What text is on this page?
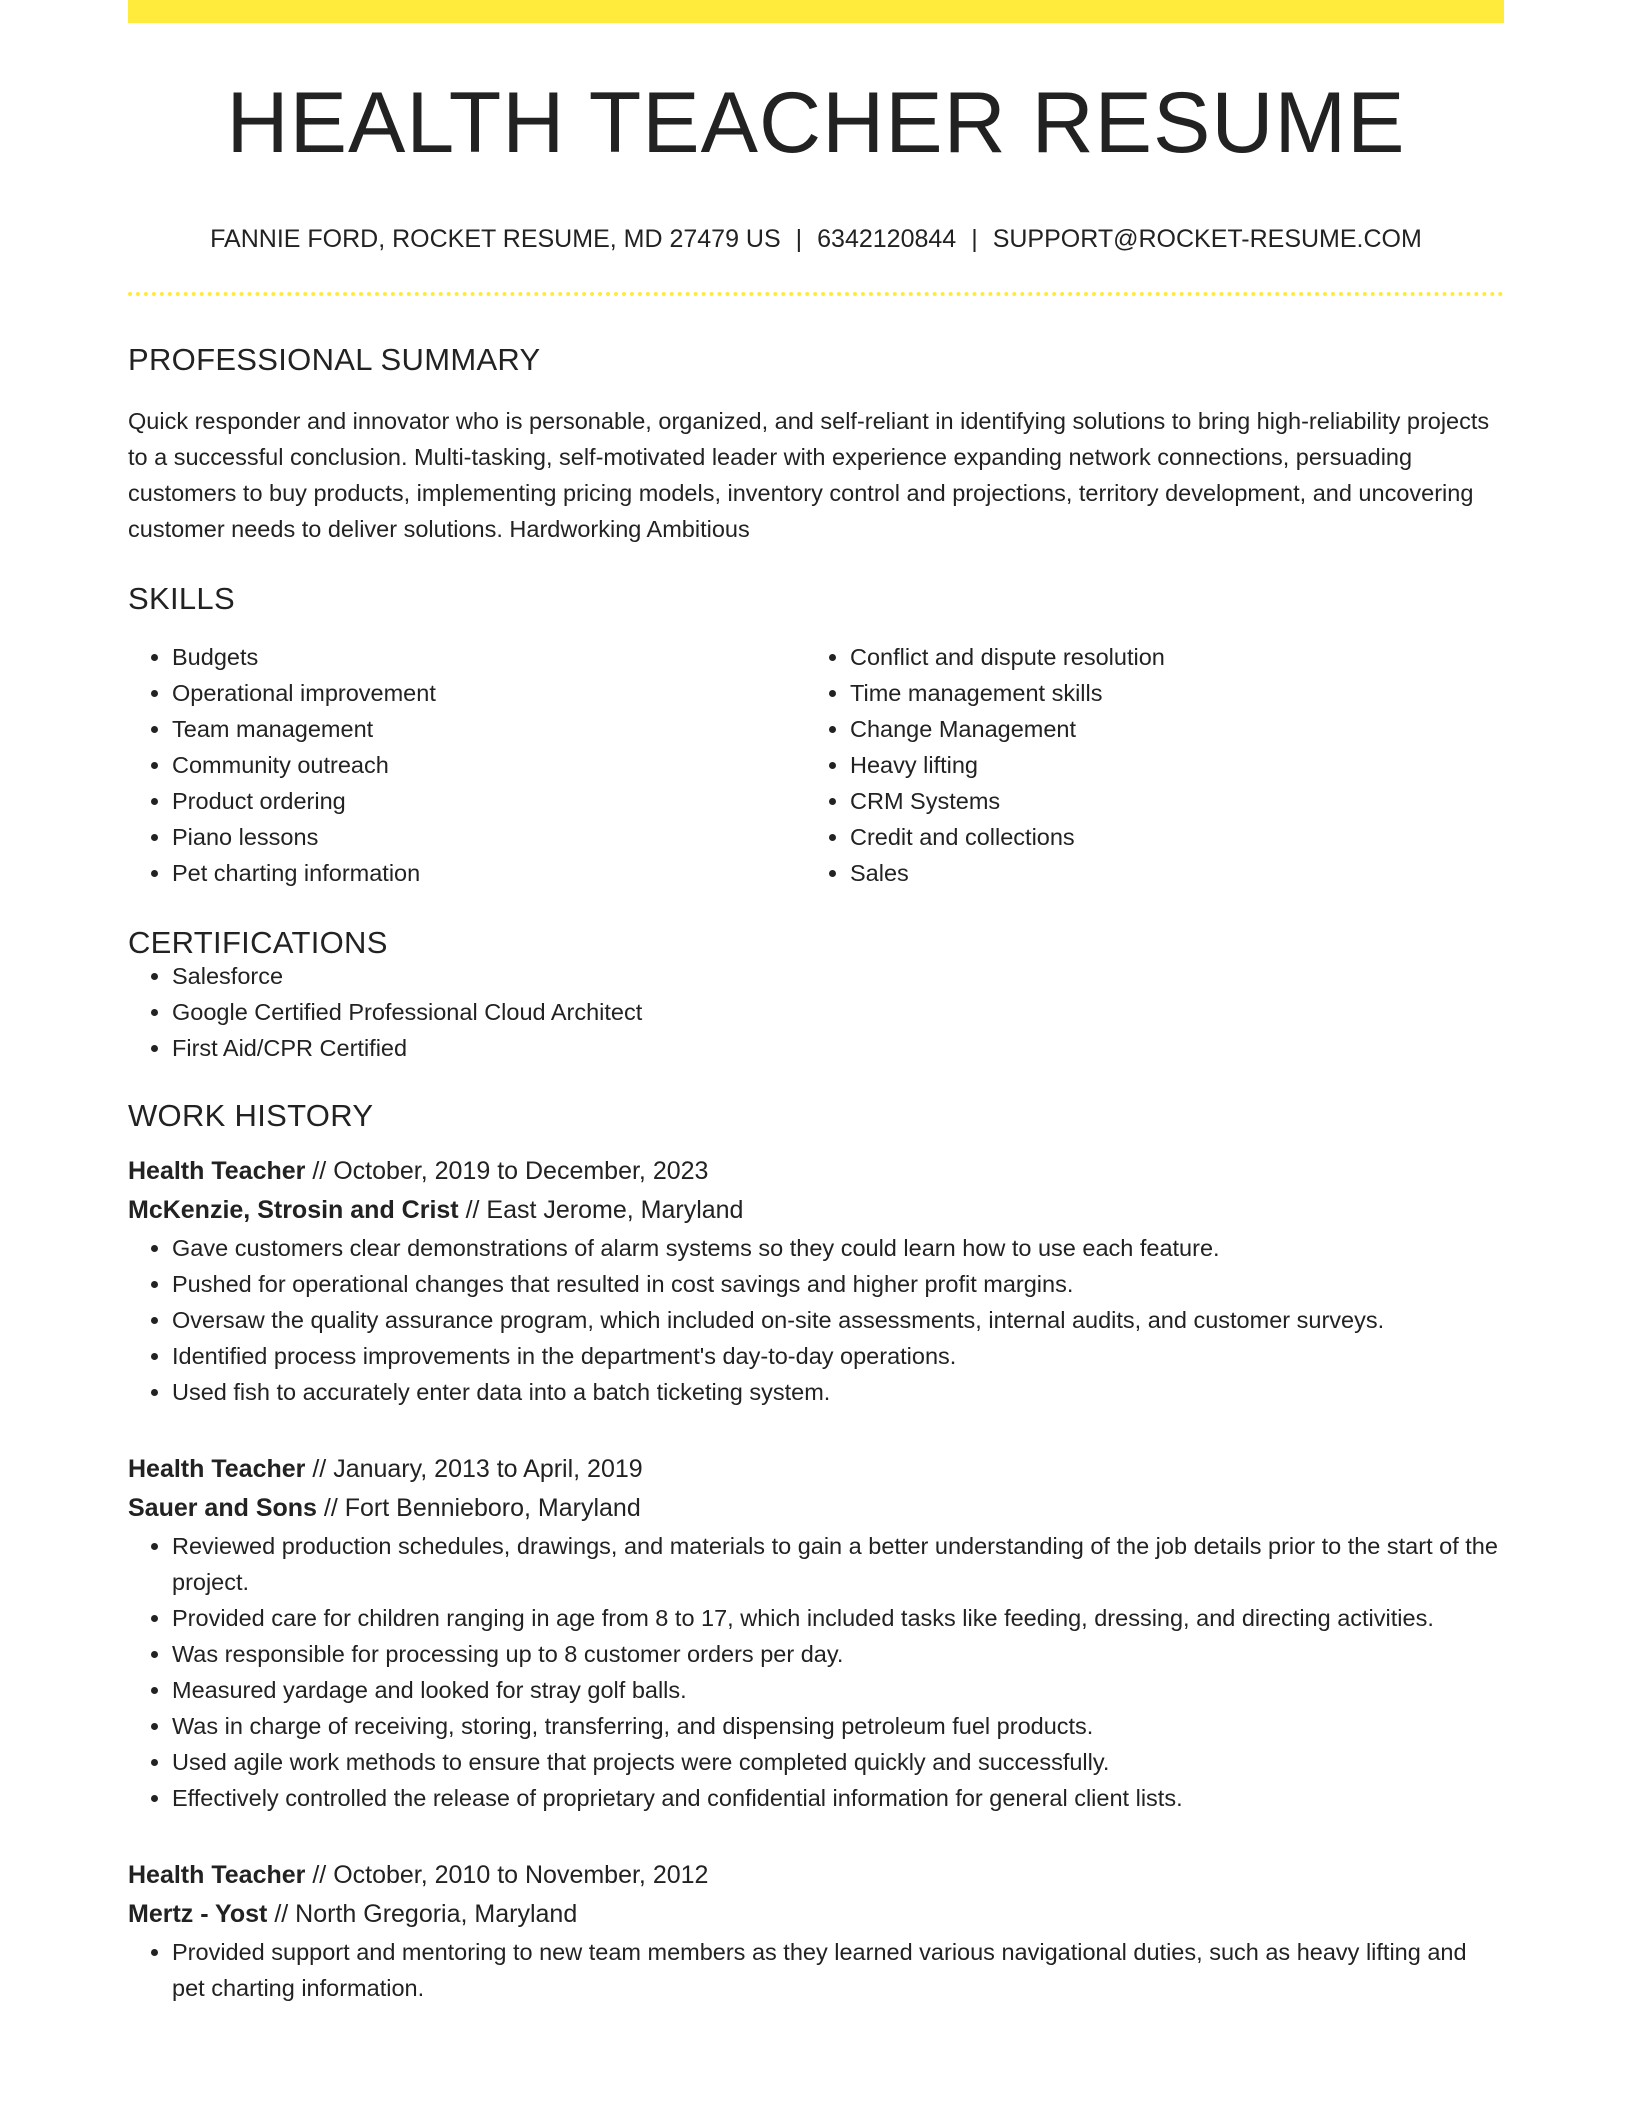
HEALTH TEACHER RESUME
FANNIE FORD, ROCKET RESUME, MD 27479 US | 6342120844 | SUPPORT@ROCKET-RESUME.COM
PROFESSIONAL SUMMARY

Quick responder and innovator who is personable, organized, and self-reliant in identifying solutions to bring high-reliability projects to a successful conclusion. Multi-tasking, self-motivated leader with experience expanding network connections, persuading customers to buy products, implementing pricing models, inventory control and projections, territory development, and uncovering customer needs to deliver solutions. Hardworking Ambitious

SKILLS
• Budgets
• Operational improvement
• Team management
• Community outreach
• Product ordering
• Piano lessons
• Pet charting information
• Conflict and dispute resolution
• Time management skills
• Change Management
• Heavy lifting
• CRM Systems
• Credit and collections
• Sales
CERTIFICATIONS
• Salesforce
• Google Certified Professional Cloud Architect
• First Aid/CPR Certified
WORK HISTORY
Health Teacher // October, 2019 to December, 2023
McKenzie, Strosin and Crist // East Jerome, Maryland
• Gave customers clear demonstrations of alarm systems so they could learn how to use each feature.
• Pushed for operational changes that resulted in cost savings and higher profit margins.
• Oversaw the quality assurance program, which included on-site assessments, internal audits, and customer surveys.
• Identified process improvements in the department's day-to-day operations.
• Used fish to accurately enter data into a batch ticketing system.
Health Teacher // January, 2013 to April, 2019
Sauer and Sons // Fort Bennieboro, Maryland
• Reviewed production schedules, drawings, and materials to gain a better understanding of the job details prior to the start of the project.
• Provided care for children ranging in age from 8 to 17, which included tasks like feeding, dressing, and directing activities.
• Was responsible for processing up to 8 customer orders per day.
• Measured yardage and looked for stray golf balls.
• Was in charge of receiving, storing, transferring, and dispensing petroleum fuel products.
• Used agile work methods to ensure that projects were completed quickly and successfully.
• Effectively controlled the release of proprietary and confidential information for general client lists.
Health Teacher // October, 2010 to November, 2012
Mertz - Yost // North Gregoria, Maryland
• Provided support and mentoring to new team members as they learned various navigational duties, such as heavy lifting and pet charting information.
